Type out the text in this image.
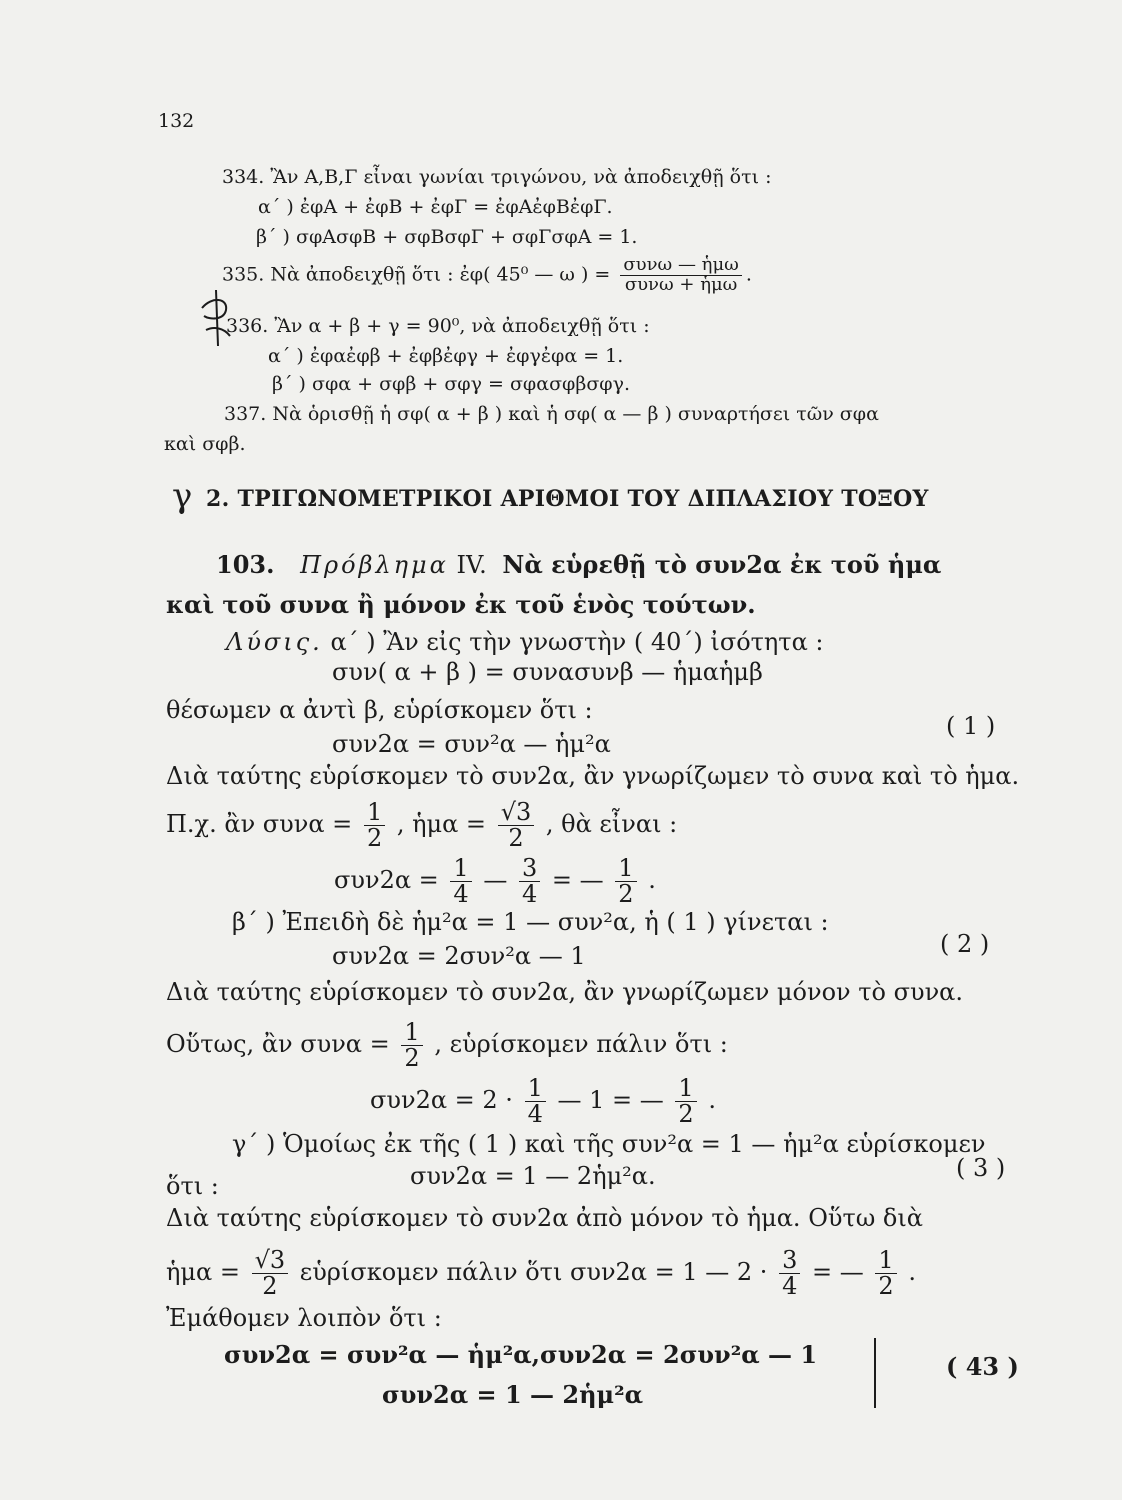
132
334. Ἂν Α,Β,Γ εἶναι γωνίαι τριγώνου, νὰ ἀποδειχθῇ ὅτι :
α΄ ) ἐφΑ + ἐφΒ + ἐφΓ = ἐφΑἐφΒἐφΓ.
β΄ ) σφΑσφΒ + σφΒσφΓ + σφΓσφΑ = 1.
335. Νὰ ἀποδειχθῇ ὅτι : ἐφ( 45⁰ — ω ) = $\frac{\text{συνω — ἡμω}}{\text{συνω + ἡμω}}$ .
336. Ἂν α + β + γ = 90⁰, νὰ ἀποδειχθῇ ὅτι :
α΄ ) ἐφαἐφβ + ἐφβἐφγ + ἐφγἐφα = 1.
β΄ ) σφα + σφβ + σφγ = σφασφβσφγ.
337. Νὰ ὁρισθῇ ἡ σφ( α + β ) καὶ ἡ σφ( α — β ) συναρτήσει τῶν σφα
καὶ σφβ.
γ 2. ΤΡΙΓΩΝΟΜΕΤΡΙΚΟΙ ΑΡΙΘΜΟΙ ΤΟΥ ΔΙΠΛΑΣΙΟΥ ΤΟΞΟΥ
103. Πρόβλημα IV. Νὰ εὑρεθῇ τὸ συν2α ἐκ τοῦ ἡμα
καὶ τοῦ συνα ἢ μόνον ἐκ τοῦ ἑνὸς τούτων.
Λύσις. α΄ ) Ἂν εἰς τὴν γνωστὴν ( 40΄) ἰσότητα :
συν( α + β ) = συνασυνβ — ἡμαἡμβ
θέσωμεν α ἀντὶ β, εὑρίσκομεν ὅτι :
συν2α = συν²α — ἡμ²α
( 1 )
Διὰ ταύτης εὑρίσκομεν τὸ συν2α, ἂν γνωρίζωμεν τὸ συνα καὶ τὸ ἡμα.
Π.χ. ἂν $\sigma\upsilon\nu\alpha = \frac{1}{2}$ , ἡμα = $\frac{√3}{2}$ , θὰ εἶναι :
$\sigma\upsilon\nu 2\alpha = \frac{1}{4}$ — $\frac{3}{4}$ = — $\frac{1}{2}$ .
β΄ ) Ἐπειδὴ δὲ ἡμ²α = 1 — συν²α, ἡ ( 1 ) γίνεται :
συν2α = 2συν²α — 1	( 2 )
Διὰ ταύτης εὑρίσκομεν τὸ συν2α, ἂν γνωρίζωμεν μόνον τὸ συνα.
Οὕτως, ἂν $\sigma\upsilon\nu\alpha = \frac{1}{2}$ , εὑρίσκομεν πάλιν ὅτι :
$\sigma\upsilon\nu 2\alpha = 2 \cdot \frac{1}{4}$ — 1 = — $\frac{1}{2}$ .
γ΄ ) Ὁμοίως ἐκ τῆς ( 1 ) καὶ τῆς συν²α = 1 — ἡμ²α εὑρίσκομεν
ὅτι :	συν2α = 1 — 2ἡμ²α.	( 3 )
Διὰ ταύτης εὑρίσκομεν τὸ συν2α ἀπὸ μόνον τὸ ἡμα. Οὕτω διὰ
ἡμα = $\frac{√3}{2}$ εὑρίσκομεν πάλιν ὅτι συν2α = 1 — $2 \cdot \frac{3}{4}$ = — $\frac{1}{2}$ .
Ἐμάθομεν λοιπὸν ὅτι :
συν2α = συν²α — ἡμ²α, συν2α = 2συν²α — 1
συν2α = 1 — 2ἡμ²α
( 43 )
